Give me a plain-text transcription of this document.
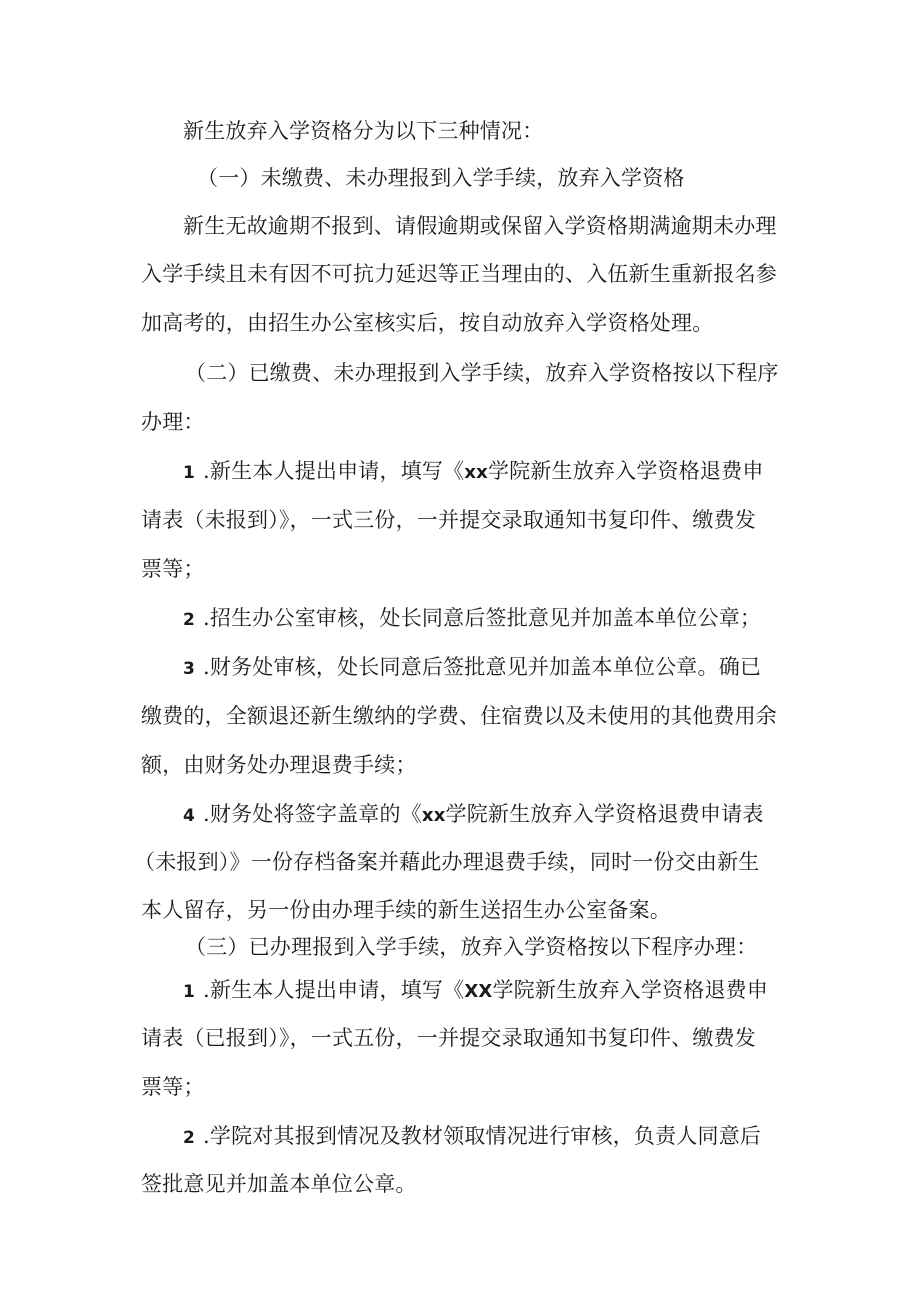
新生放弃入学资格分为以下三种情况：
（一）未缴费、未办理报到入学手续，放弃入学资格
新生无故逾期不报到、请假逾期或保留入学资格期满逾期未办理
入学手续且未有因不可抗力延迟等正当理由的、入伍新生重新报名参
加高考的，由招生办公室核实后，按自动放弃入学资格处理。
（二）已缴费、未办理报到入学手续，放弃入学资格按以下程序
办理：
1 .新生本人提出申请，填写《xx学院新生放弃入学资格退费申
请表（未报到）》，一式三份，一并提交录取通知书复印件、缴费发
票等；
2 .招生办公室审核，处长同意后签批意见并加盖本单位公章；
3 .财务处审核，处长同意后签批意见并加盖本单位公章。确已
缴费的，全额退还新生缴纳的学费、住宿费以及未使用的其他费用余
额，由财务处办理退费手续；
4 .财务处将签字盖章的《xx学院新生放弃入学资格退费申请表
（未报到）》一份存档备案并藉此办理退费手续，同时一份交由新生
本人留存，另一份由办理手续的新生送招生办公室备案。
（三）已办理报到入学手续，放弃入学资格按以下程序办理：
1 .新生本人提出申请，填写《XX学院新生放弃入学资格退费申
请表（已报到）》，一式五份，一并提交录取通知书复印件、缴费发
票等；
2 .学院对其报到情况及教材领取情况进行审核，负责人同意后
签批意见并加盖本单位公章。
